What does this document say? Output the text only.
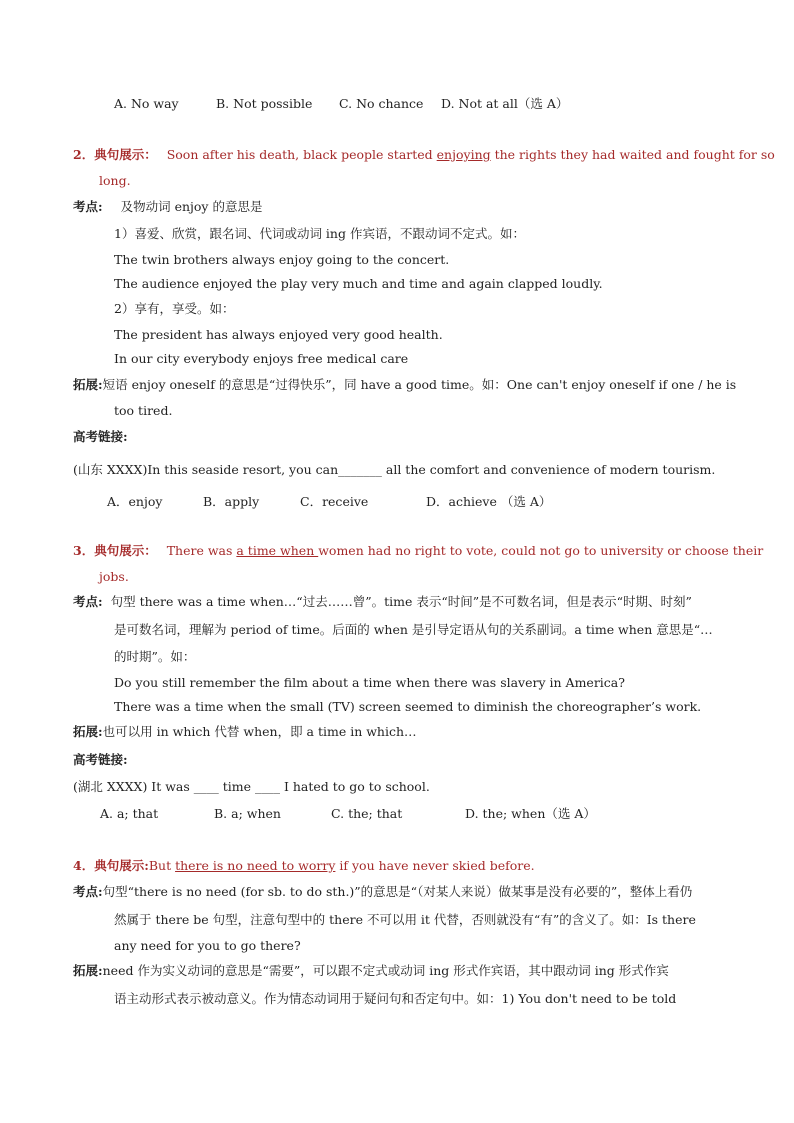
A. No way	B. Not possible C. No chance D. Not at all（选 A）
2．典句展示： Soon after his death, black people started enjoying the rights they had waited and fought for so
long.
考点: 及物动词 enjoy 的意思是
1）喜爱、欣赏，跟名词、代词或动词 ing 作宾语，不跟动词不定式。如：
The twin brothers always enjoy going to the concert.
The audience enjoyed the play very much and time and again clapped loudly.
2）享有，享受。如：
The president has always enjoyed very good health.
In our city everybody enjoys free medical care
拓展:短语 enjoy oneself 的意思是“过得快乐”，同 have a good time。如：One can't enjoy oneself if one / he is
too tired.
高考链接:
(山东 XXXX)In this seaside resort, you can_______ all the comfort and convenience of modern tourism.
A．enjoy	B．apply	C．receive	D．achieve （选 A）
3．典句展示： There was a time when women had no right to vote, could not go to university or choose their
jobs.
考点: 句型 there was a time when…“过去……曾”。time 表示“时间”是不可数名词，但是表示“时期、时刻”
是可数名词，理解为 period of time。后面的 when 是引导定语从句的关系副词。a time when 意思是“…
的时期”。如：
Do you still remember the film about a time when there was slavery in America?
There was a time when the small (TV) screen seemed to diminish the choreographer’s work.
拓展:也可以用 in which 代替 when，即 a time in which…
高考链接:
(湖北 XXXX) It was ____ time ____ I hated to go to school.
A. a; that	B. a; when	C. the; that	D. the; when（选 A）
4．典句展示:But there is no need to worry if you have never skied before.
考点:句型“there is no need (for sb. to do sth.)”的意思是“（对某人来说）做某事是没有必要的”，整体上看仍
然属于 there be 句型，注意句型中的 there 不可以用 it 代替，否则就没有“有”的含义了。如：Is there
any need for you to go there?
拓展:need 作为实义动词的意思是“需要”，可以跟不定式或动词 ing 形式作宾语，其中跟动词 ing 形式作宾
语主动形式表示被动意义。作为情态动词用于疑问句和否定句中。如：1) You don't need to be told
